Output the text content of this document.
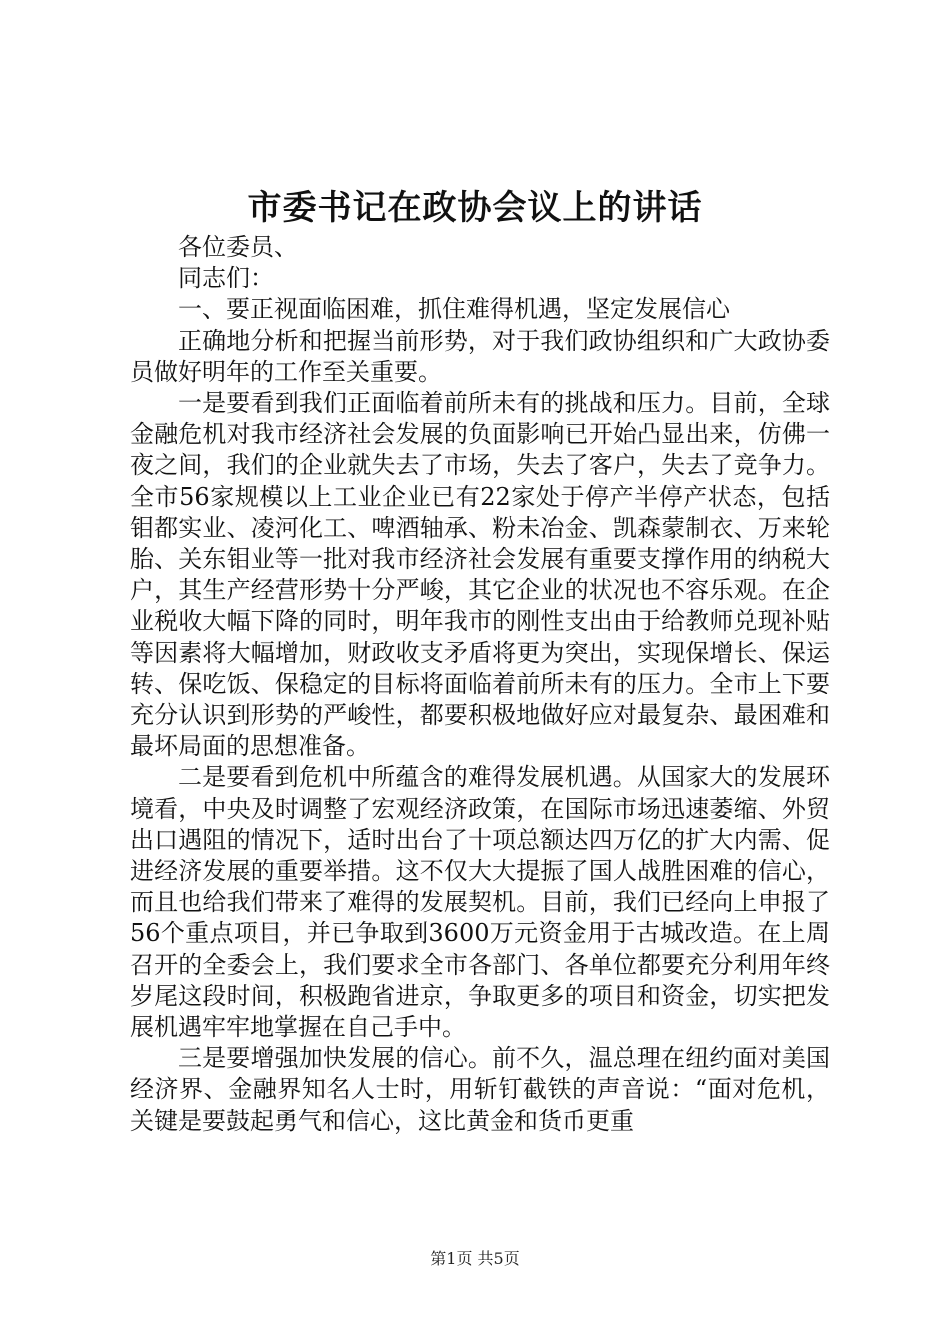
市委书记在政协会议上的讲话

各位委员、

同志们：

一、要正视面临困难，抓住难得机遇，坚定发展信心

正确地分析和把握当前形势，对于我们政协组织和广大政协委员做好明年的工作至关重要。

一是要看到我们正面临着前所未有的挑战和压力。目前，全球金融危机对我市经济社会发展的负面影响已开始凸显出来，仿佛一夜之间，我们的企业就失去了市场，失去了客户，失去了竞争力。全市56家规模以上工业企业已有22家处于停产半停产状态，包括钼都实业、凌河化工、啤酒轴承、粉未冶金、凯森蒙制衣、万来轮胎、关东钼业等一批对我市经济社会发展有重要支撑作用的纳税大户，其生产经营形势十分严峻，其它企业的状况也不容乐观。在企业税收大幅下降的同时，明年我市的刚性支出由于给教师兑现补贴等因素将大幅增加，财政收支矛盾将更为突出，实现保增长、保运转、保吃饭、保稳定的目标将面临着前所未有的压力。全市上下要充分认识到形势的严峻性，都要积极地做好应对最复杂、最困难和最坏局面的思想准备。

二是要看到危机中所蕴含的难得发展机遇。从国家大的发展环境看，中央及时调整了宏观经济政策，在国际市场迅速萎缩、外贸出口遇阻的情况下，适时出台了十项总额达四万亿的扩大内需、促进经济发展的重要举措。这不仅大大提振了国人战胜困难的信心，而且也给我们带来了难得的发展契机。目前，我们已经向上申报了56个重点项目，并已争取到3600万元资金用于古城改造。在上周召开的全委会上，我们要求全市各部门、各单位都要充分利用年终岁尾这段时间，积极跑省进京，争取更多的项目和资金，切实把发展机遇牢牢地掌握在自己手中。

三是要增强加快发展的信心。前不久，温总理在纽约面对美国经济界、金融界知名人士时，用斩钉截铁的声音说：“面对危机，关键是要鼓起勇气和信心，这比黄金和货币更重

第1页 共5页
